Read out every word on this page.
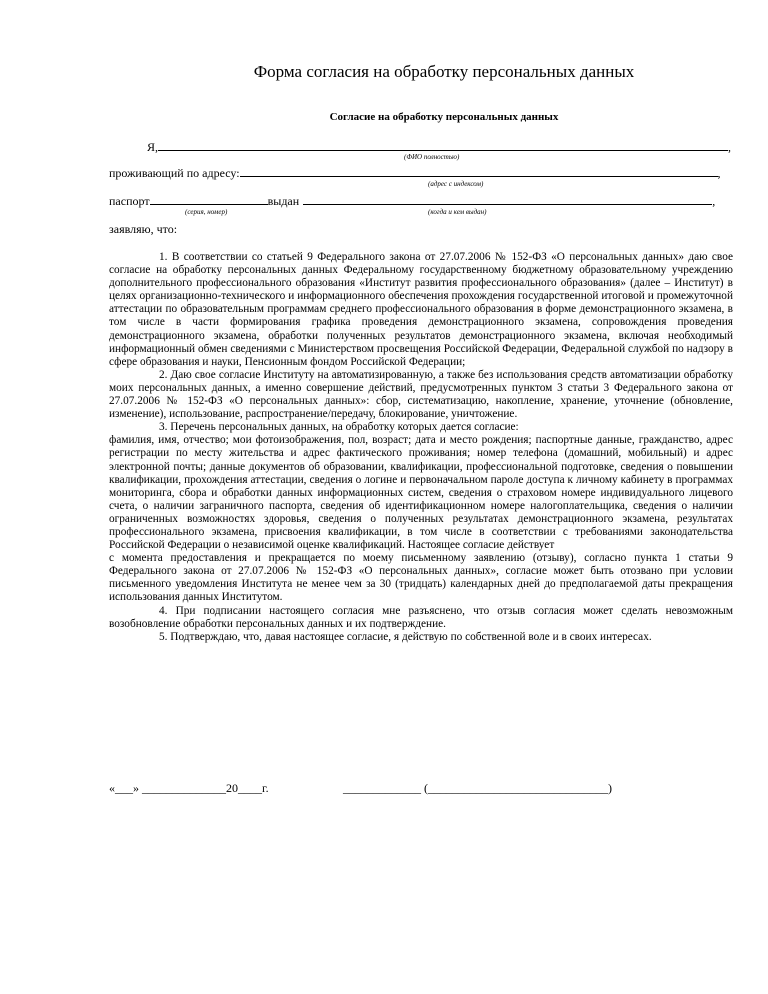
Форма согласия на обработку персональных данных
Согласие на обработку персональных данных
Я,	,
(ФИО полностью)
проживающий по адресу:	,
(адрес с индексом)
паспорт	выдан	,
(серия, номер)	(когда и кем выдан)
заявляю, что:

1. В соответствии со статьей 9 Федерального закона от 27.07.2006 № 152-ФЗ «О персональных данных» даю свое согласие на обработку персональных данных Федеральному государственному бюджетному образовательному учреждению дополнительного профессионального образования «Институт развития профессионального образования» (далее – Институт) в целях организационно-технического и информационного обеспечения прохождения государственной итоговой и промежуточной аттестации по образовательным программам среднего профессионального образования в форме демонстрационного экзамена, в том числе в части формирования графика проведения демонстрационного экзамена, сопровождения проведения демонстрационного экзамена, обработки полученных результатов демонстрационного экзамена, включая необходимый информационный обмен сведениями с Министерством просвещения Российской Федерации, Федеральной службой по надзору в сфере образования и науки, Пенсионным фондом Российской Федерации;

2. Даю свое согласие Институту на автоматизированную, а также без использования средств автоматизации обработку моих персональных данных, а именно совершение действий, предусмотренных пунктом 3 статьи 3 Федерального закона от 27.07.2006 № 152-ФЗ «О персональных данных»: сбор, систематизацию, накопление, хранение, уточнение (обновление, изменение), использование, распространение/передачу, блокирование, уничтожение.

3. Перечень персональных данных, на обработку которых дается согласие:

фамилия, имя, отчество; мои фотоизображения, пол, возраст; дата и место рождения; паспортные данные, гражданство, адрес регистрации по месту жительства и адрес фактического проживания; номер телефона (домашний, мобильный) и адрес электронной почты; данные документов об образовании, квалификации, профессиональной подготовке, сведения о повышении квалификации, прохождения аттестации, сведения о логине и первоначальном пароле доступа к личному кабинету в программах мониторинга, сбора и обработки данных информационных систем, сведения о страховом номере индивидуального лицевого счета, о наличии заграничного паспорта, сведения об идентификационном номере налогоплательщика, сведения о наличии ограниченных возможностях здоровья, сведения о полученных результатах демонстрационного экзамена, результатах профессионального экзамена, присвоения квалификации, в том числе в соответствии с требованиями законодательства Российской Федерации о независимой оценке квалификаций. Настоящее согласие действует

с момента предоставления и прекращается по моему письменному заявлению (отзыву), согласно пункта 1 статьи 9 Федерального закона от 27.07.2006 № 152-ФЗ «О персональных данных», согласие может быть отозвано при условии письменного уведомления Института не менее чем за 30 (тридцать) календарных дней до предполагаемой даты прекращения использования данных Институтом.

4. При подписании настоящего согласия мне разъяснено, что отзыв согласия может сделать невозможным возобновление обработки персональных данных и их подтверждение.

5. Подтверждаю, что, давая настоящее согласие, я действую по собственной воле и в своих интересах.

«___» ______________20____г.	_____________ (______________________________)
